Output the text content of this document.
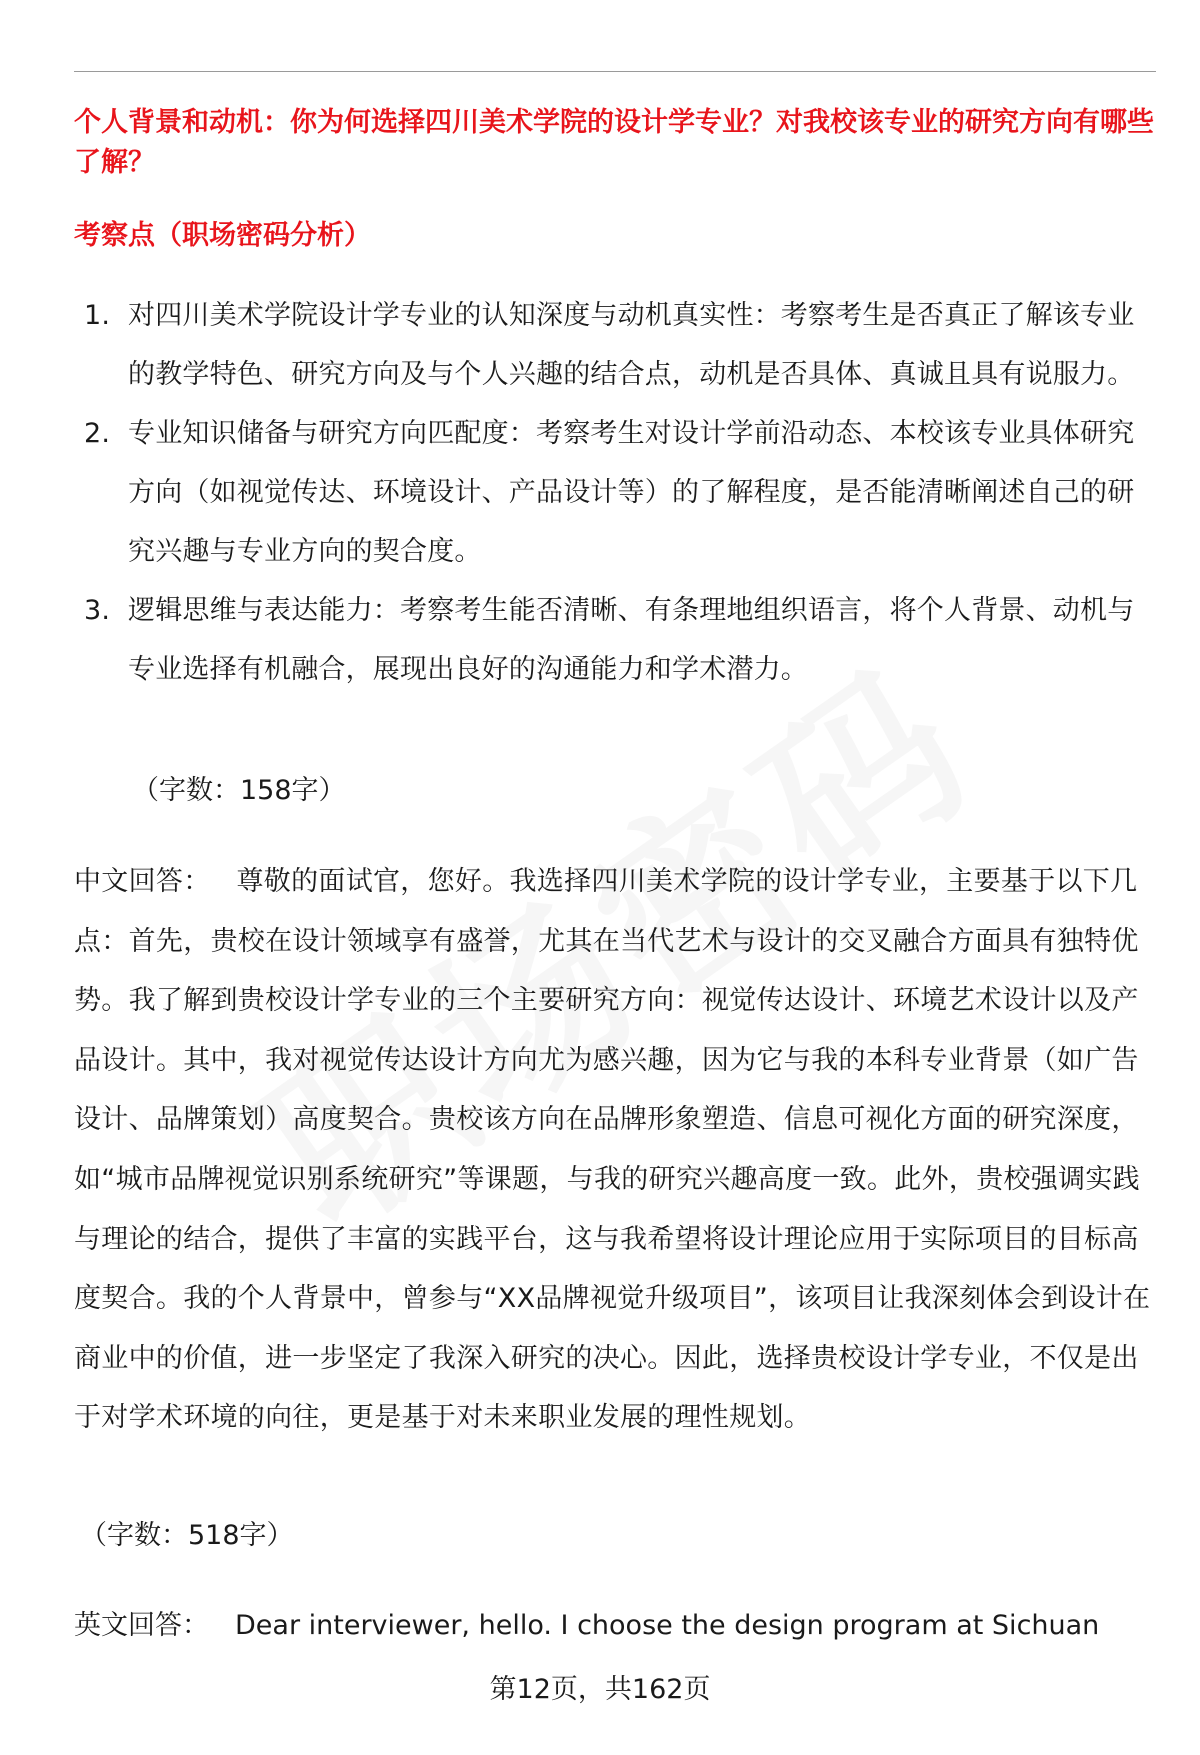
个人背景和动机：你为何选择四川美术学院的设计学专业？对我校该专业的研究方向有哪些了解？

考察点（职场密码分析）

1. 对四川美术学院设计学专业的认知深度与动机真实性：考察考生是否真正了解该专业的教学特色、研究方向及与个人兴趣的结合点，动机是否具体、真诚且具有说服力。
2. 专业知识储备与研究方向匹配度：考察考生对设计学前沿动态、本校该专业具体研究方向（如视觉传达、环境设计、产品设计等）的了解程度，是否能清晰阐述自己的研究兴趣与专业方向的契合度。
3. 逻辑思维与表达能力：考察考生能否清晰、有条理地组织语言，将个人背景、动机与专业选择有机融合，展现出良好的沟通能力和学术潜力。
（字数：158字）

中文回答： 尊敬的面试官，您好。我选择四川美术学院的设计学专业，主要基于以下几点：首先，贵校在设计领域享有盛誉，尤其在当代艺术与设计的交叉融合方面具有独特优势。我了解到贵校设计学专业的三个主要研究方向：视觉传达设计、环境艺术设计以及产品设计。其中，我对视觉传达设计方向尤为感兴趣，因为它与我的本科专业背景（如广告设计、品牌策划）高度契合。贵校该方向在品牌形象塑造、信息可视化方面的研究深度，如“城市品牌视觉识别系统研究”等课题，与我的研究兴趣高度一致。此外，贵校强调实践与理论的结合，提供了丰富的实践平台，这与我希望将设计理论应用于实际项目的目标高度契合。我的个人背景中，曾参与“XX品牌视觉升级项目”，该项目让我深刻体会到设计在商业中的价值，进一步坚定了我深入研究的决心。因此，选择贵校设计学专业，不仅是出于对学术环境的向往，更是基于对未来职业发展的理性规划。

（字数：518字）

英文回答： Dear interviewer, hello. I choose the design program at Sichuan

第12页，共162页
